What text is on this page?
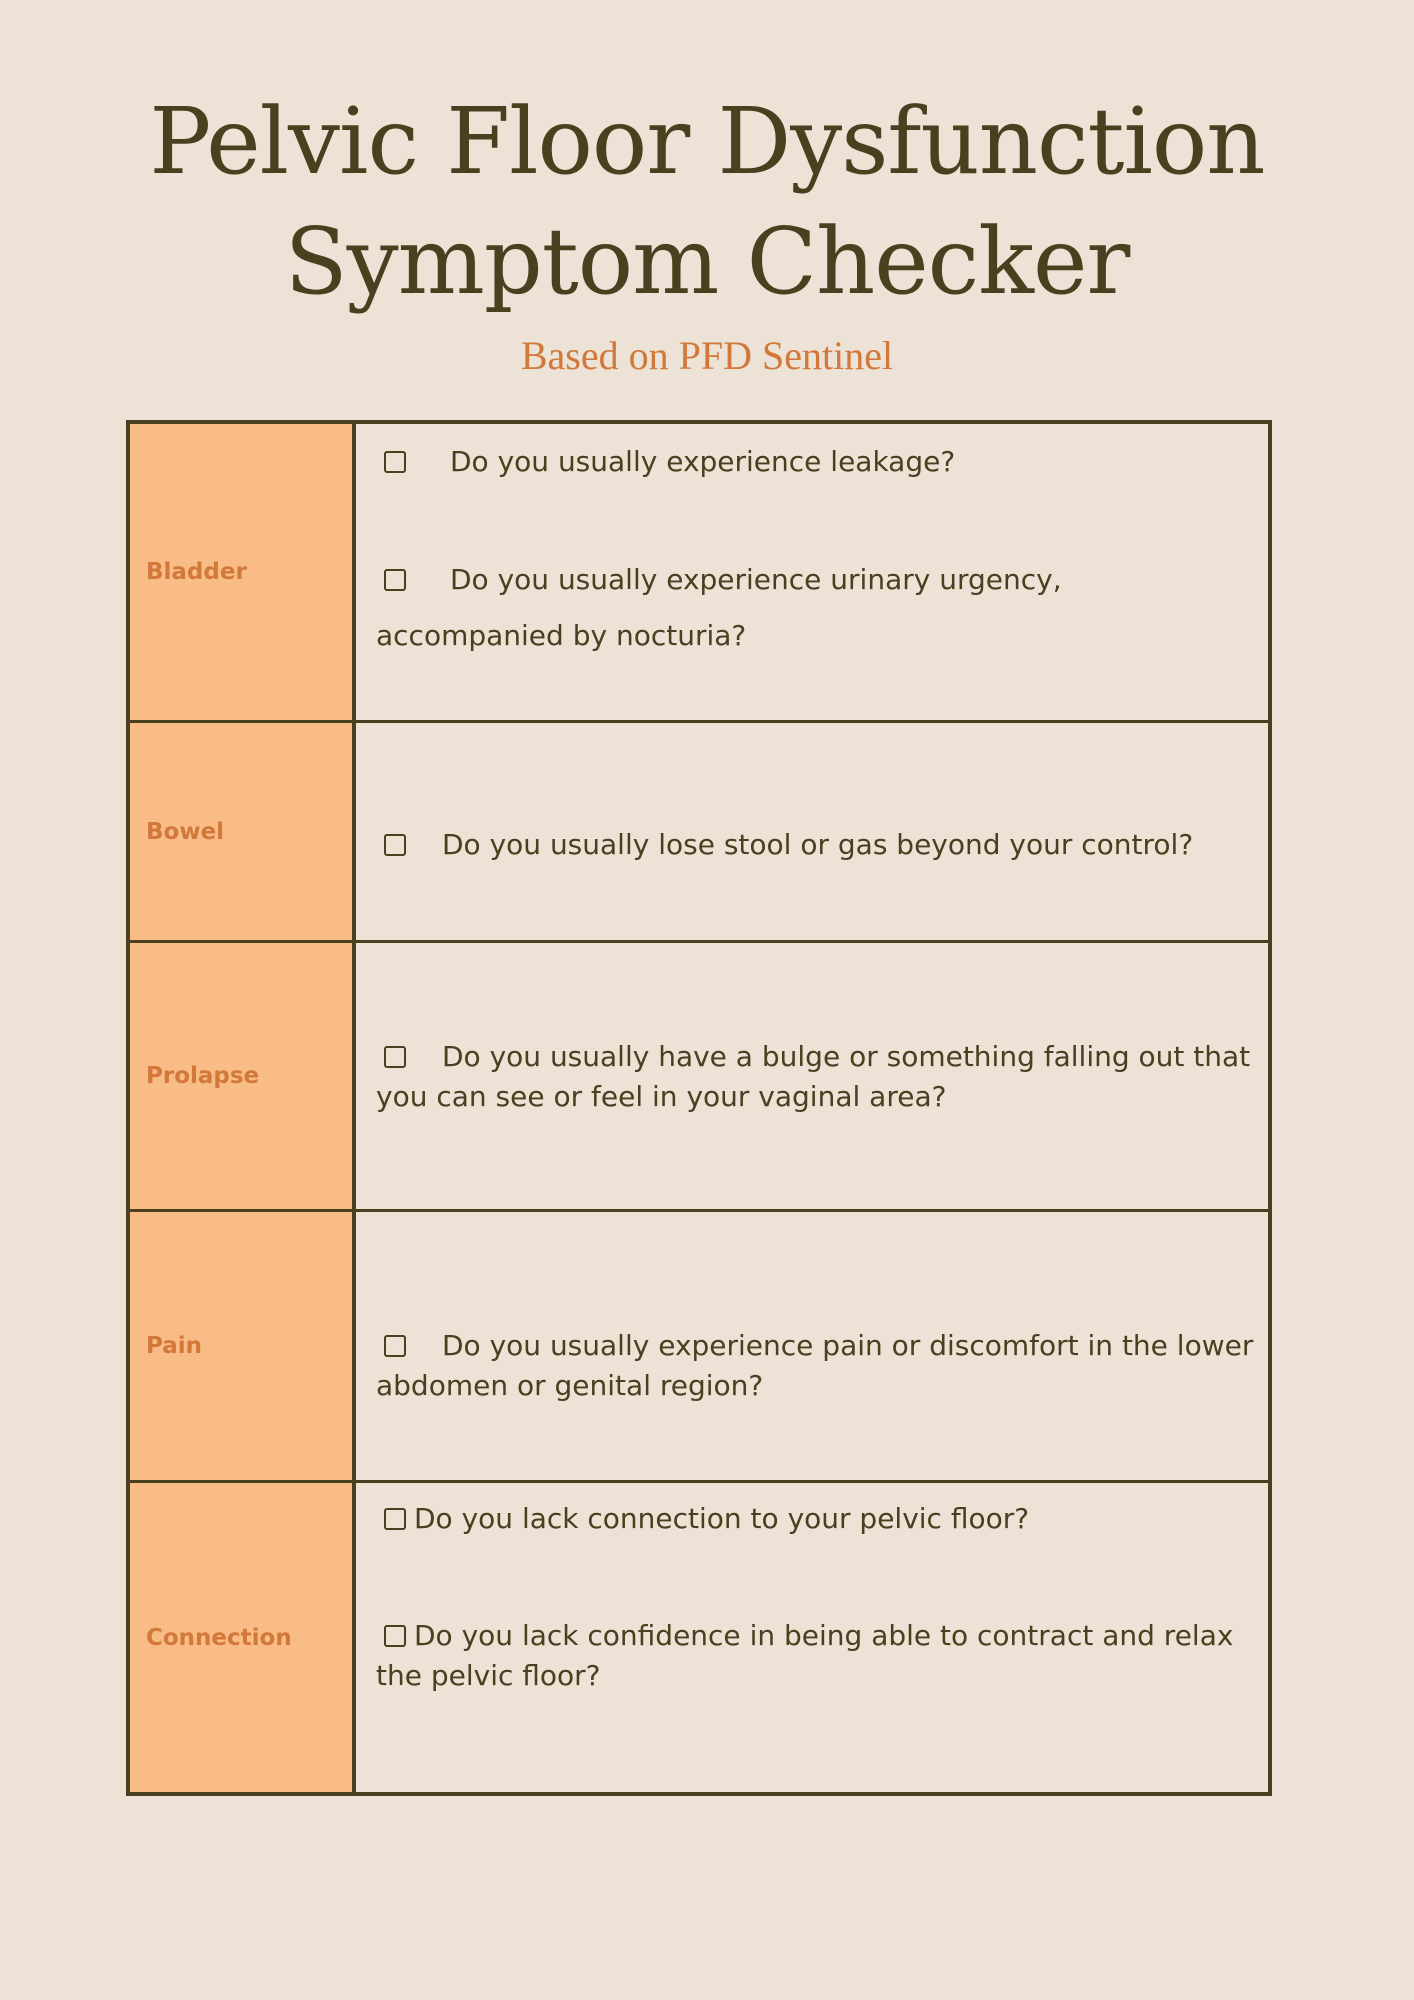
Pelvic Floor Dysfunction
Symptom Checker

Based on PFD Sentinel

Bladder
Do you usually experience leakage?
Do you usually experience urinary urgency, accompanied by nocturia?
Bowel	Do you usually lose stool or gas beyond your control?
Prolapse
Do you usually have a bulge or something falling out that you can see or feel in your vaginal area?
Pain	Do you usually experience pain or discomfort in the lower abdomen or genital region?
Connection
Do you lack connection to your pelvic floor?
Do you lack confidence in being able to contract and relax the pelvic floor?
